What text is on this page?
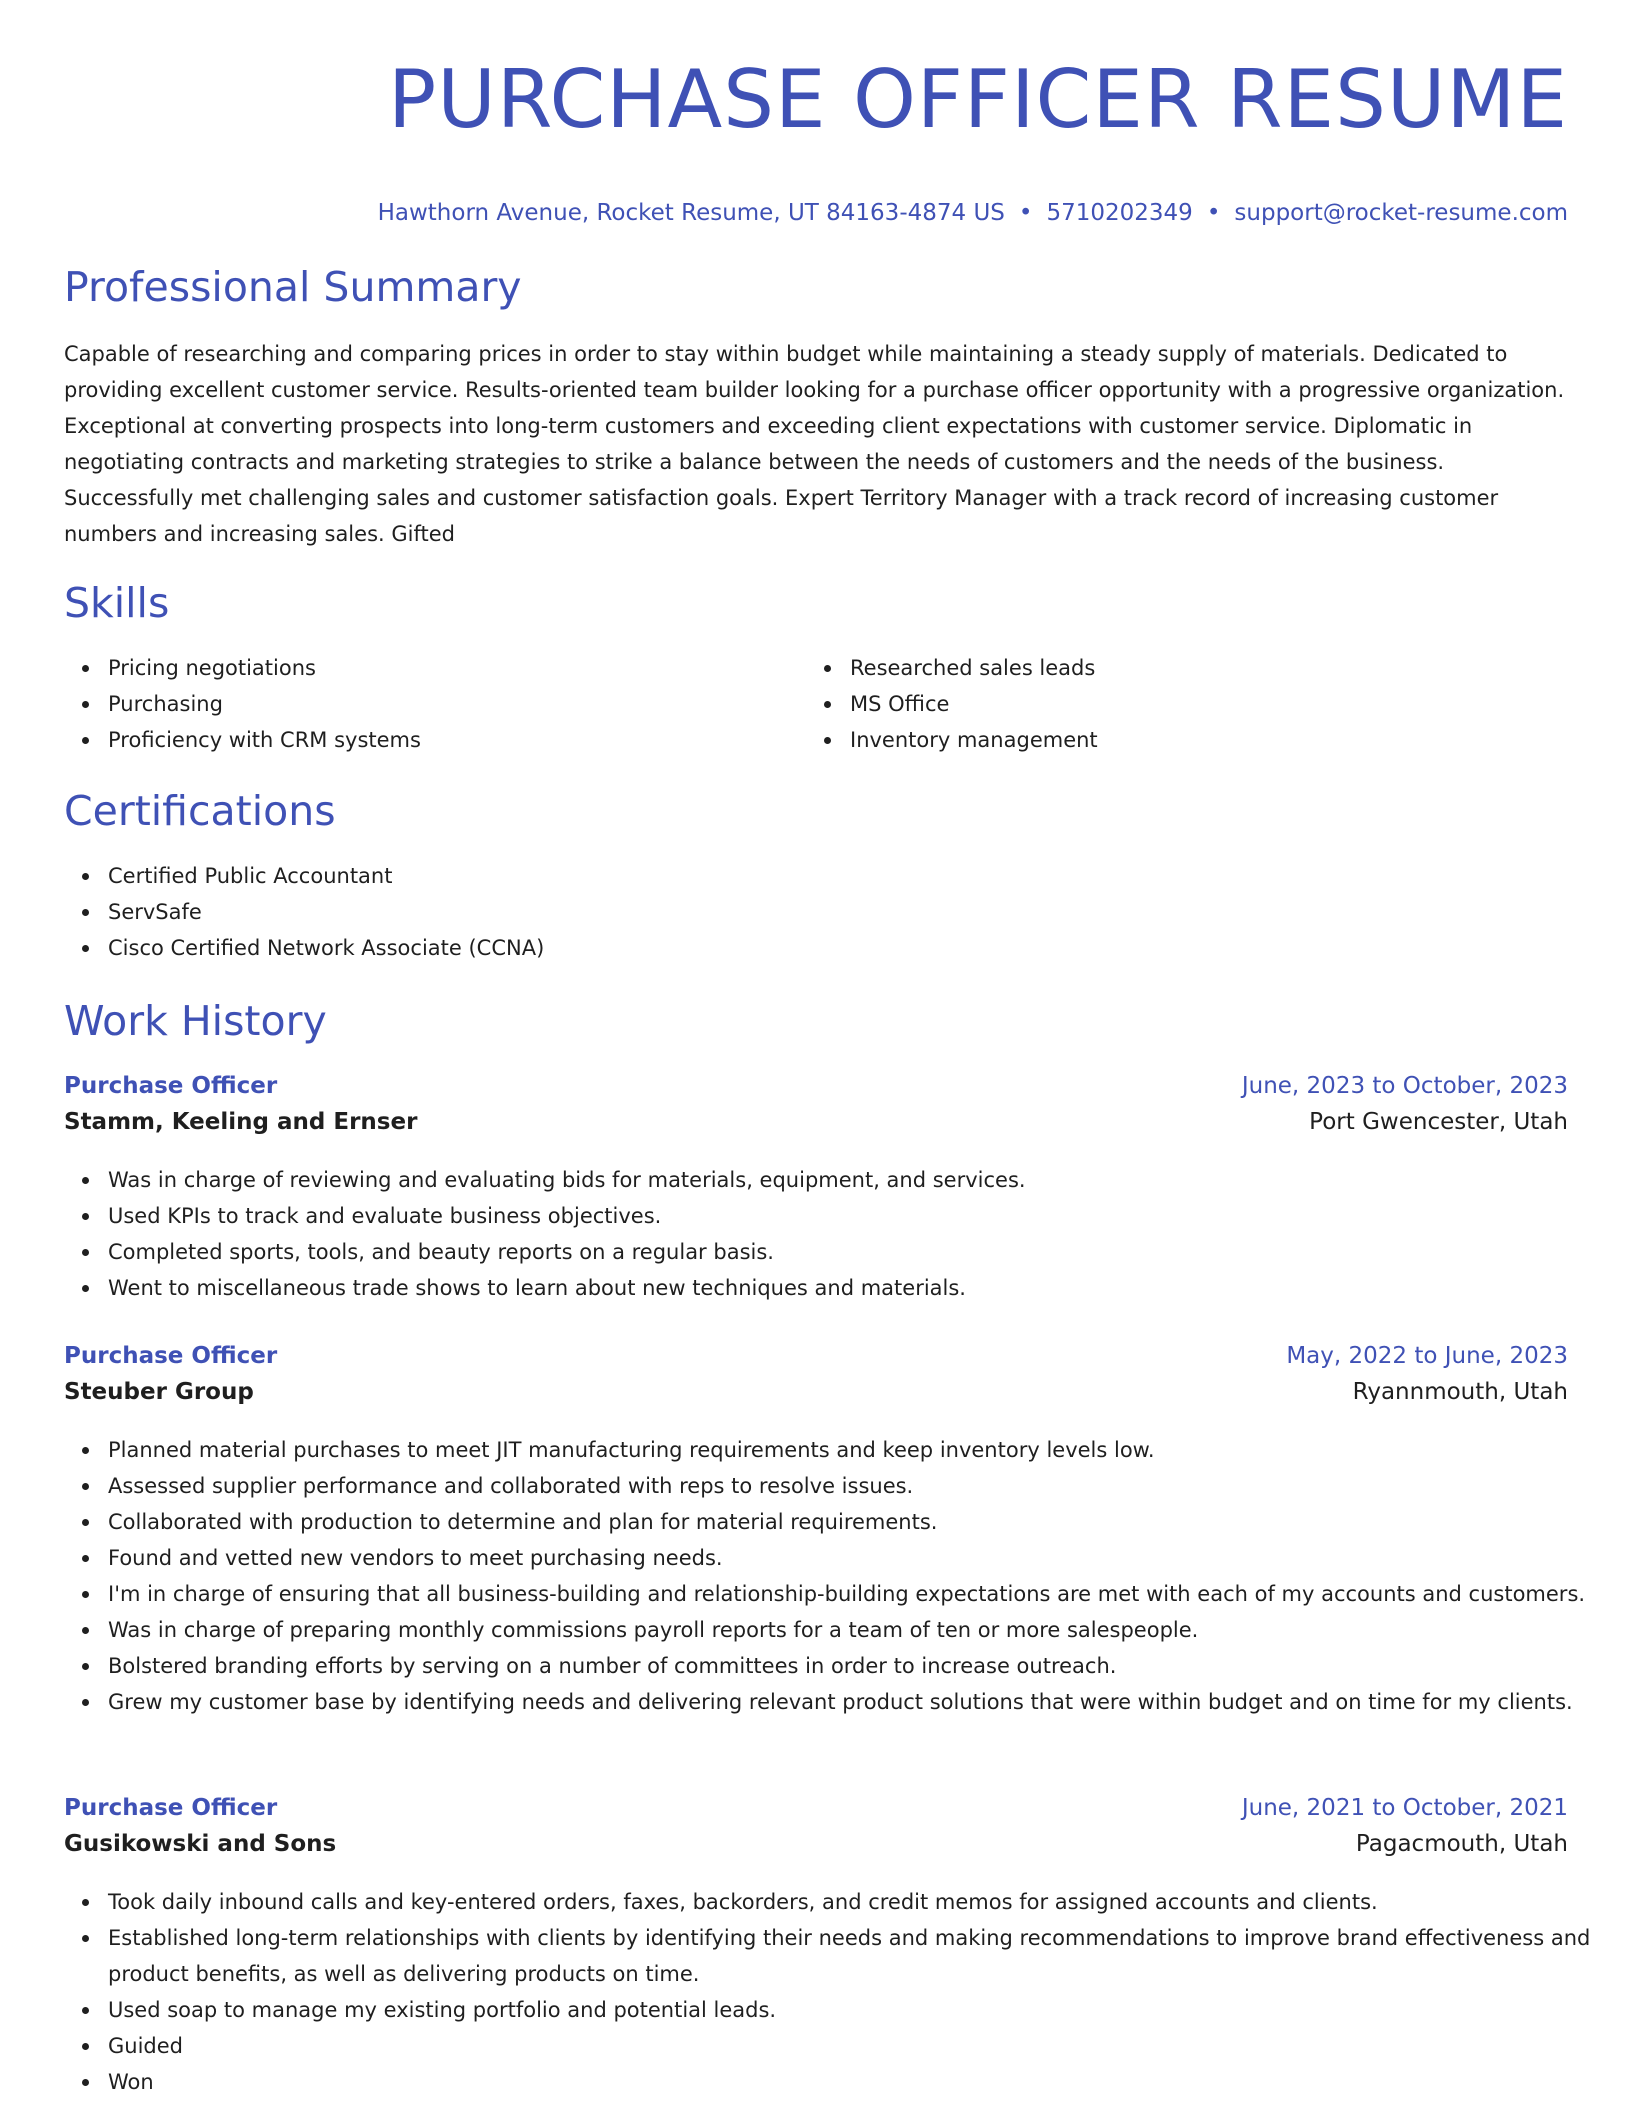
PURCHASE OFFICER RESUME
Hawthorn Avenue, Rocket Resume, UT 84163-4874 US • 5710202349 • support@rocket-resume.com
Professional Summary

Capable of researching and comparing prices in order to stay within budget while maintaining a steady supply of materials. Dedicated to providing excellent customer service. Results-oriented team builder looking for a purchase officer opportunity with a progressive organization. Exceptional at converting prospects into long-term customers and exceeding client expectations with customer service. Diplomatic in negotiating contracts and marketing strategies to strike a balance between the needs of customers and the needs of the business. Successfully met challenging sales and customer satisfaction goals. Expert Territory Manager with a track record of increasing customer numbers and increasing sales. Gifted

Skills
Pricing negotiations
Purchasing
Proficiency with CRM systems
Researched sales leads
MS Office
Inventory management
Certifications
Certified Public Accountant
ServSafe
Cisco Certified Network Associate (CCNA)
Work History
Purchase Officer	June, 2023 to October, 2023
Stamm, Keeling and Ernser	Port Gwencester, Utah
Was in charge of reviewing and evaluating bids for materials, equipment, and services.
Used KPIs to track and evaluate business objectives.
Completed sports, tools, and beauty reports on a regular basis.
Went to miscellaneous trade shows to learn about new techniques and materials.
Purchase Officer	May, 2022 to June, 2023
Steuber Group	Ryannmouth, Utah
Planned material purchases to meet JIT manufacturing requirements and keep inventory levels low.
Assessed supplier performance and collaborated with reps to resolve issues.
Collaborated with production to determine and plan for material requirements.
Found and vetted new vendors to meet purchasing needs.
I'm in charge of ensuring that all business-building and relationship-building expectations are met with each of my accounts and customers.
Was in charge of preparing monthly commissions payroll reports for a team of ten or more salespeople.
Bolstered branding efforts by serving on a number of committees in order to increase outreach.
Grew my customer base by identifying needs and delivering relevant product solutions that were within budget and on time for my clients.
Purchase Officer	June, 2021 to October, 2021
Gusikowski and Sons	Pagacmouth, Utah
Took daily inbound calls and key-entered orders, faxes, backorders, and credit memos for assigned accounts and clients.
Established long-term relationships with clients by identifying their needs and making recommendations to improve brand effectiveness and product benefits, as well as delivering products on time.
Used soap to manage my existing portfolio and potential leads.
Guided
Won
